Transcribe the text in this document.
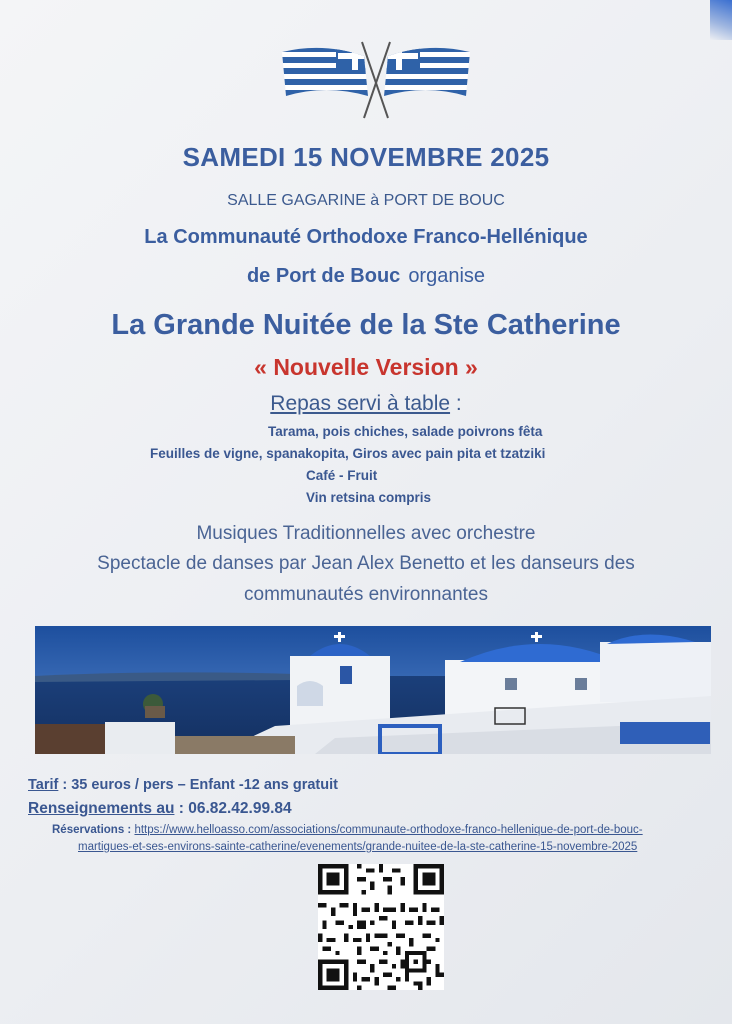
SAMEDI 15 NOVEMBRE 2025
SALLE GAGARINE à PORT DE BOUC
La Communauté Orthodoxe Franco-Hellénique
de Port de Bouc organise
La Grande Nuitée de la Ste Catherine
« Nouvelle Version »
Repas servi à table :
Tarama, pois chiches, salade poivrons fêta
Feuilles de vigne, spanakopita, Giros avec pain pita et tzatziki
Café - Fruit
Vin retsina compris
Musiques Traditionnelles avec orchestre
Spectacle de danses par Jean Alex Benetto et les danseurs des
communautés environnantes
Tarif : 35 euros / pers – Enfant -12 ans gratuit
Renseignements au : 06.82.42.99.84
Réservations : https://www.helloasso.com/associations/communaute-orthodoxe-franco-hellenique-de-port-de-bouc-
martigues-et-ses-environs-sainte-catherine/evenements/grande-nuitee-de-la-ste-catherine-15-novembre-2025
